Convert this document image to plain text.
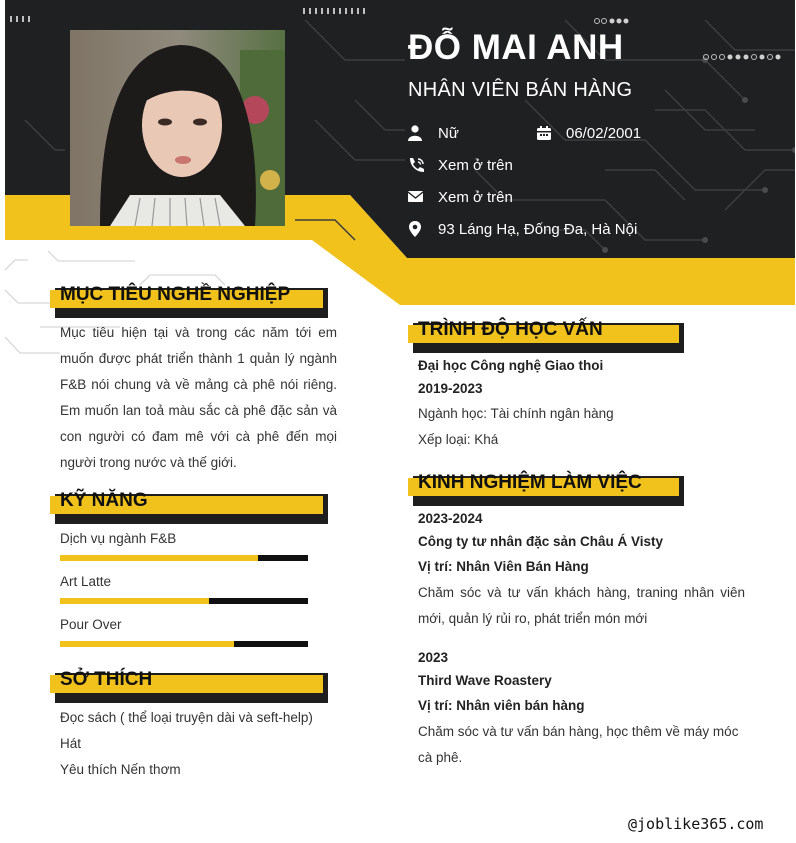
ĐỖ MAI ANH
NHÂN VIÊN BÁN HÀNG
Nữ	06/02/2001
Xem ở trên
Xem ở trên
93 Láng Hạ, Đống Đa, Hà Nội
MỤC TIÊU NGHỀ NGHIỆP
Mục tiêu hiện tại và trong các năm tới em muốn được phát triển thành 1 quản lý ngành F&B nói chung và về mảng cà phê nói riêng. Em muốn lan toả màu sắc cà phê đặc sản và con người có đam mê với cà phê đến mọi người trong nước và thế giới.
KỸ NĂNG
Dịch vụ ngành F&B
Art Latte
Pour Over
SỞ THÍCH
Đọc sách ( thể loại truyện dài và seft-help)
Hát
Yêu thích Nến thơm
TRÌNH ĐỘ HỌC VẤN
Đại học Công nghệ Giao thoi
2019-2023
Ngành học: Tài chính ngân hàng
Xếp loại: Khá
KINH NGHIỆM LÀM VIỆC
2023-2024
Công ty tư nhân đặc sản Châu Á Visty
Vị trí: Nhân Viên Bán Hàng
Chăm sóc và tư vấn khách hàng, traning nhân viên mới, quản lý rủi ro, phát triển món mới
2023
Third Wave Roastery
Vị trí: Nhân viên bán hàng
Chăm sóc và tư vấn bán hàng, học thêm về máy móc cà phê.
@joblike365.com
